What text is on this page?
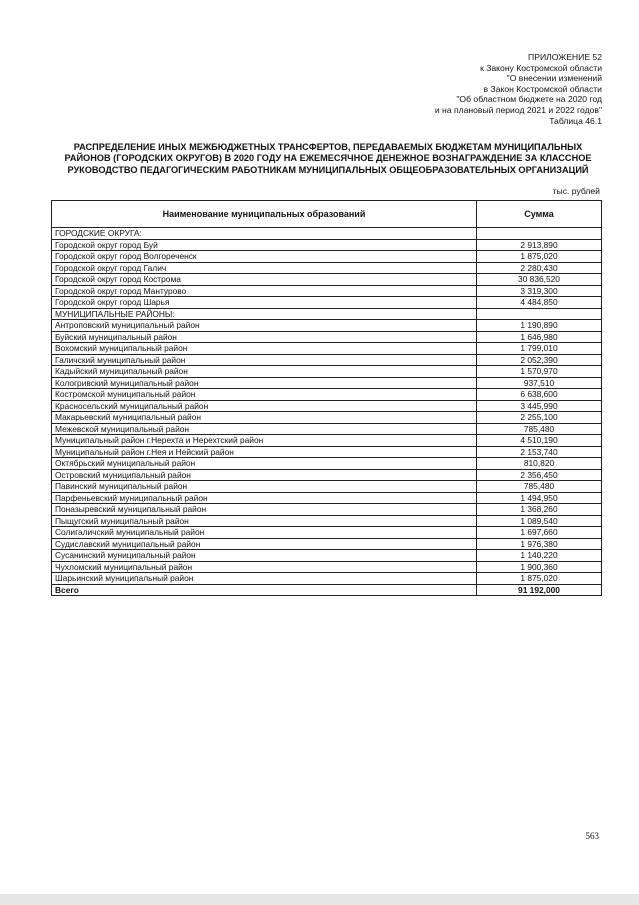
ПРИЛОЖЕНИЕ 52
к Закону Костромской области
"О внесении изменений
в Закон Костромской области
"Об областном бюджете на 2020 год
и на плановый период 2021 и 2022 годов"
Таблица 46.1
РАСПРЕДЕЛЕНИЕ ИНЫХ МЕЖБЮДЖЕТНЫХ ТРАНСФЕРТОВ, ПЕРЕДАВАЕМЫХ БЮДЖЕТАМ МУНИЦИПАЛЬНЫХ РАЙОНОВ (ГОРОДСКИХ ОКРУГОВ) В 2020 ГОДУ НА ЕЖЕМЕСЯЧНОЕ ДЕНЕЖНОЕ ВОЗНАГРАЖДЕНИЕ ЗА КЛАССНОЕ РУКОВОДСТВО ПЕДАГОГИЧЕСКИМ РАБОТНИКАМ МУНИЦИПАЛЬНЫХ ОБЩЕОБРАЗОВАТЕЛЬНЫХ ОРГАНИЗАЦИЙ
тыс. рублей
Наименование муниципальных образований	Сумма
ГОРОДСКИЕ ОКРУГА:	
Городской округ город Буй	2 913,890
Городской округ город Волгореченск	1 875,020
Городской округ город Галич	2 280,430
Городской округ город Кострома	30 836,520
Городской округ город Мантурово	3 319,300
Городской округ город Шарья	4 484,850
МУНИЦИПАЛЬНЫЕ РАЙОНЫ:	
Антроповский муниципальный район	1 190,890
Буйский муниципальный район	1 646,980
Вохомский муниципальный район	1 799,010
Галичский муниципальный район	2 052,390
Кадыйский муниципальный район	1 570,970
Кологривский муниципальный район	937,510
Костромской муниципальный район	6 638,600
Красносельский муниципальный район	3 445,990
Макарьевский муниципальный район	2 255,100
Межевской муниципальный район	785,480
Муниципальный район г.Нерехта и Нерехтский район	4 510,190
Муниципальный район г.Нея и Нейский район	2 153,740
Октябрьский муниципальный район	810,820
Островский муниципальный район	2 356,450
Павинский муниципальный район	785,480
Парфеньевский муниципальный район	1 494,950
Поназыревский муниципальный район	1 368,260
Пыщугский муниципальный район	1 089,540
Солигаличский муниципальный район	1 697,660
Судиславский муниципальный район	1 976,380
Сусанинский муниципальный район	1 140,220
Чухломский муниципальный район	1 900,360
Шарьинский муниципальный район	1 875,020
Всего	91 192,000
563
